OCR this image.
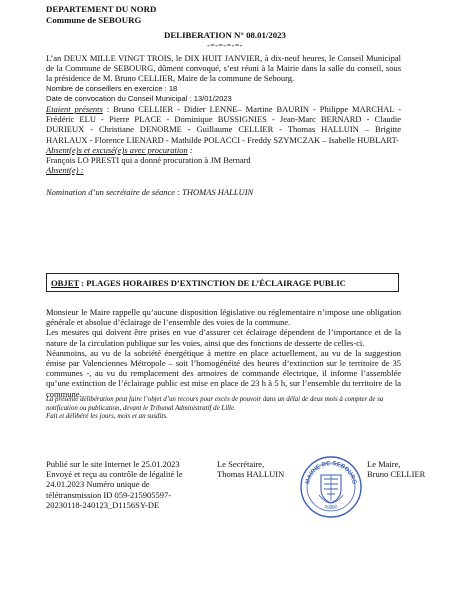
DEPARTEMENT DU NORD
Commune de SEBOURG
DELIBERATION N° 08.01/2023
-=-=-=-=-
L’an DEUX MILLE VINGT TROIS, le DIX HUIT JANVIER, à dix-neuf heures, le Conseil Municipal de la Commune de SEBOURG, dûment convoqué, s’est réuni à la Mairie dans la salle du conseil, sous la présidence de M. Bruno CELLIER, Maire de la commune de Sebourg.
Nombre de conseillers en exercice : 18
Date de convocation du Conseil Municipal : 13/01/2023
Etaient présents : Bruno CELLIER - Didier LENNE– Martine BAURIN - Philippe MARCHAL - Frédéric ELU - Pierre PLACE - Dominique BUSSIGNIES - Jean-Marc BERNARD - Claudie DURIEUX - Christiane DENORME - Guillaume CELLIER - Thomas HALLUIN – Brigitte HARLAUX - Florence LIENARD - Mathilde POLACCI - Freddy SZYMCZAK – Isabelle HUBLART-
Absent(e)s et excusé(e)s avec procuration :
François LO PRESTI qui a donné procuration à JM Bernard
Absent(e) :
Nomination d’un secrétaire de séance : THOMAS HALLUIN
OBJET : PLAGES HORAIRES D’EXTINCTION DE L’ÉCLAIRAGE PUBLIC

Monsieur le Maire rappelle qu’aucune disposition législative ou réglementaire n’impose une obligation générale et absolue d’éclairage de l’ensemble des voies de la commune.

Les mesures qui doivent être prises en vue d’assurer cet éclairage dépendent de l’importance et de la nature de la circulation publique sur les voies, ainsi que des fonctions de desserte de celles-ci.

Néanmoins, au vu de la sobriété énergétique à mettre en place actuellement, au vu de la suggestion émise par Valenciennes Métropole – soit l’homogénéité des heures d’extinction sur le territoire de 35 communes -, au vu du remplacement des armoires de commande électrique, il informe l’assemblée qu’une extinction de l’éclairage public est mise en place de 23 h à 5 h, sur l’ensemble du territoire de la commune.

La présente délibération peut faire l’objet d’un recours pour excès de pouvoir dans un délai de deux mois à compter de sa notification ou publication, devant le Tribunal Administratif de Lille.
Fait et délibéré les jours, mois et an susdits.
Publié sur le site Internet le 25.01.2023
Envoyé et reçu au contrôle de légalité le 24.01.2023 Numéro unique de télétransmission ID 059-215905597-20230118-240123_D1156SY-DE
Le Secrétaire,
Thomas HALLUIN
MAIRIE DE SEBOURG
59990
Le Maire,
Bruno CELLIER
